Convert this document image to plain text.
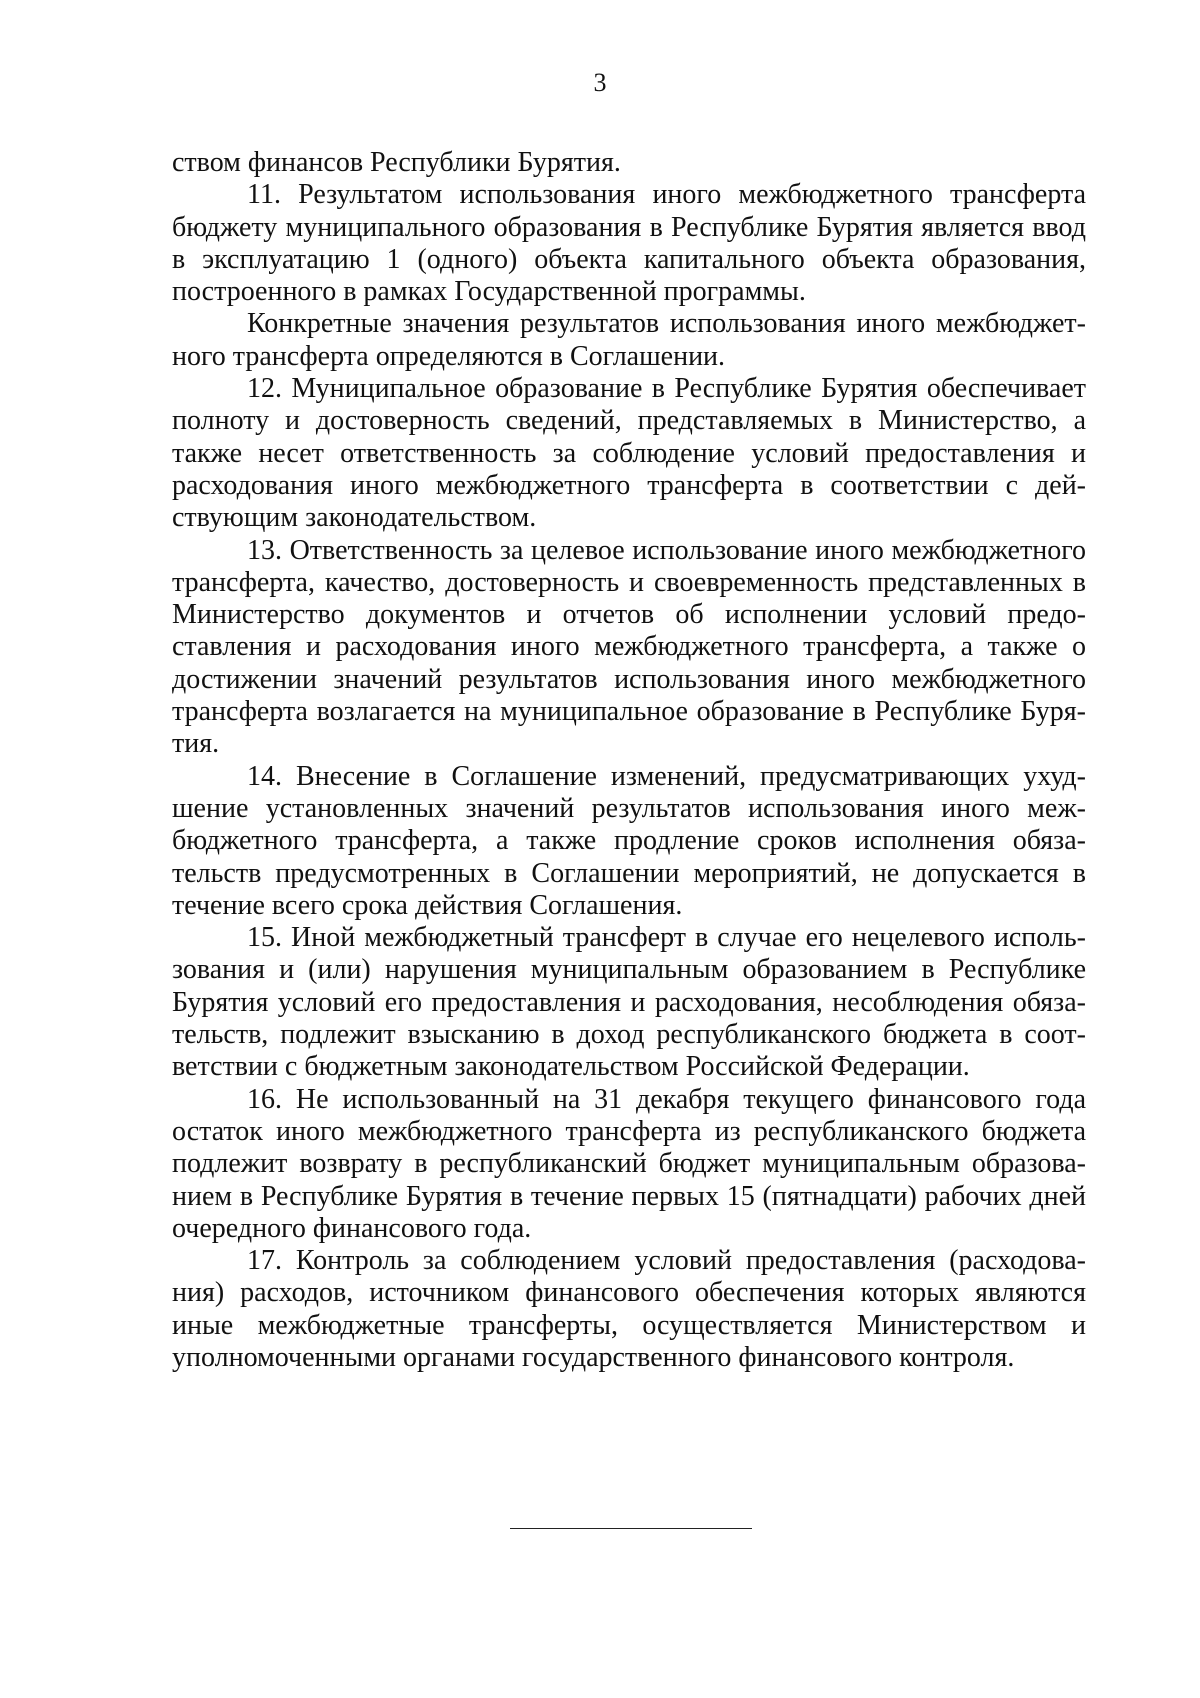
3

ством финансов Республики Бурятия.

11. Результатом использования иного межбюджетного трансферта бюджету муниципального образования в Республике Бурятия является ввод в эксплуатацию 1 (одного) объекта капитального объекта образования, построенного в рамках Государственной программы.

Конкретные значения результатов использования иного межбюджетного трансферта определяются в Соглашении.

12. Муниципальное образование в Республике Бурятия обеспечивает полноту и достоверность сведений, представляемых в Министерство, а также несет ответственность за соблюдение условий предоставления и расходования иного межбюджетного трансферта в соответствии с действующим законодательством.

13. Ответственность за целевое использование иного межбюджетного трансферта, качество, достоверность и своевременность представленных в Министерство документов и отчетов об исполнении условий предоставления и расходования иного межбюджетного трансферта, а также о достижении значений результатов использования иного межбюджетного трансферта возлагается на муниципальное образование в Республике Бурятия.

14. Внесение в Соглашение изменений, предусматривающих ухудшение установленных значений результатов использования иного межбюджетного трансферта, а также продление сроков исполнения обязательств предусмотренных в Соглашении мероприятий, не допускается в течение всего срока действия Соглашения.

15. Иной межбюджетный трансферт в случае его нецелевого использования и (или) нарушения муниципальным образованием в Республике Бурятия условий его предоставления и расходования, несоблюдения обязательств, подлежит взысканию в доход республиканского бюджета в соответствии с бюджетным законодательством Российской Федерации.

16. Не использованный на 31 декабря текущего финансового года остаток иного межбюджетного трансферта из республиканского бюджета подлежит возврату в республиканский бюджет муниципальным образованием в Республике Бурятия в течение первых 15 (пятнадцати) рабочих дней очередного финансового года.

17. Контроль за соблюдением условий предоставления (расходования) расходов, источником финансового обеспечения которых являются иные межбюджетные трансферты, осуществляется Министерством и уполномоченными органами государственного финансового контроля.
